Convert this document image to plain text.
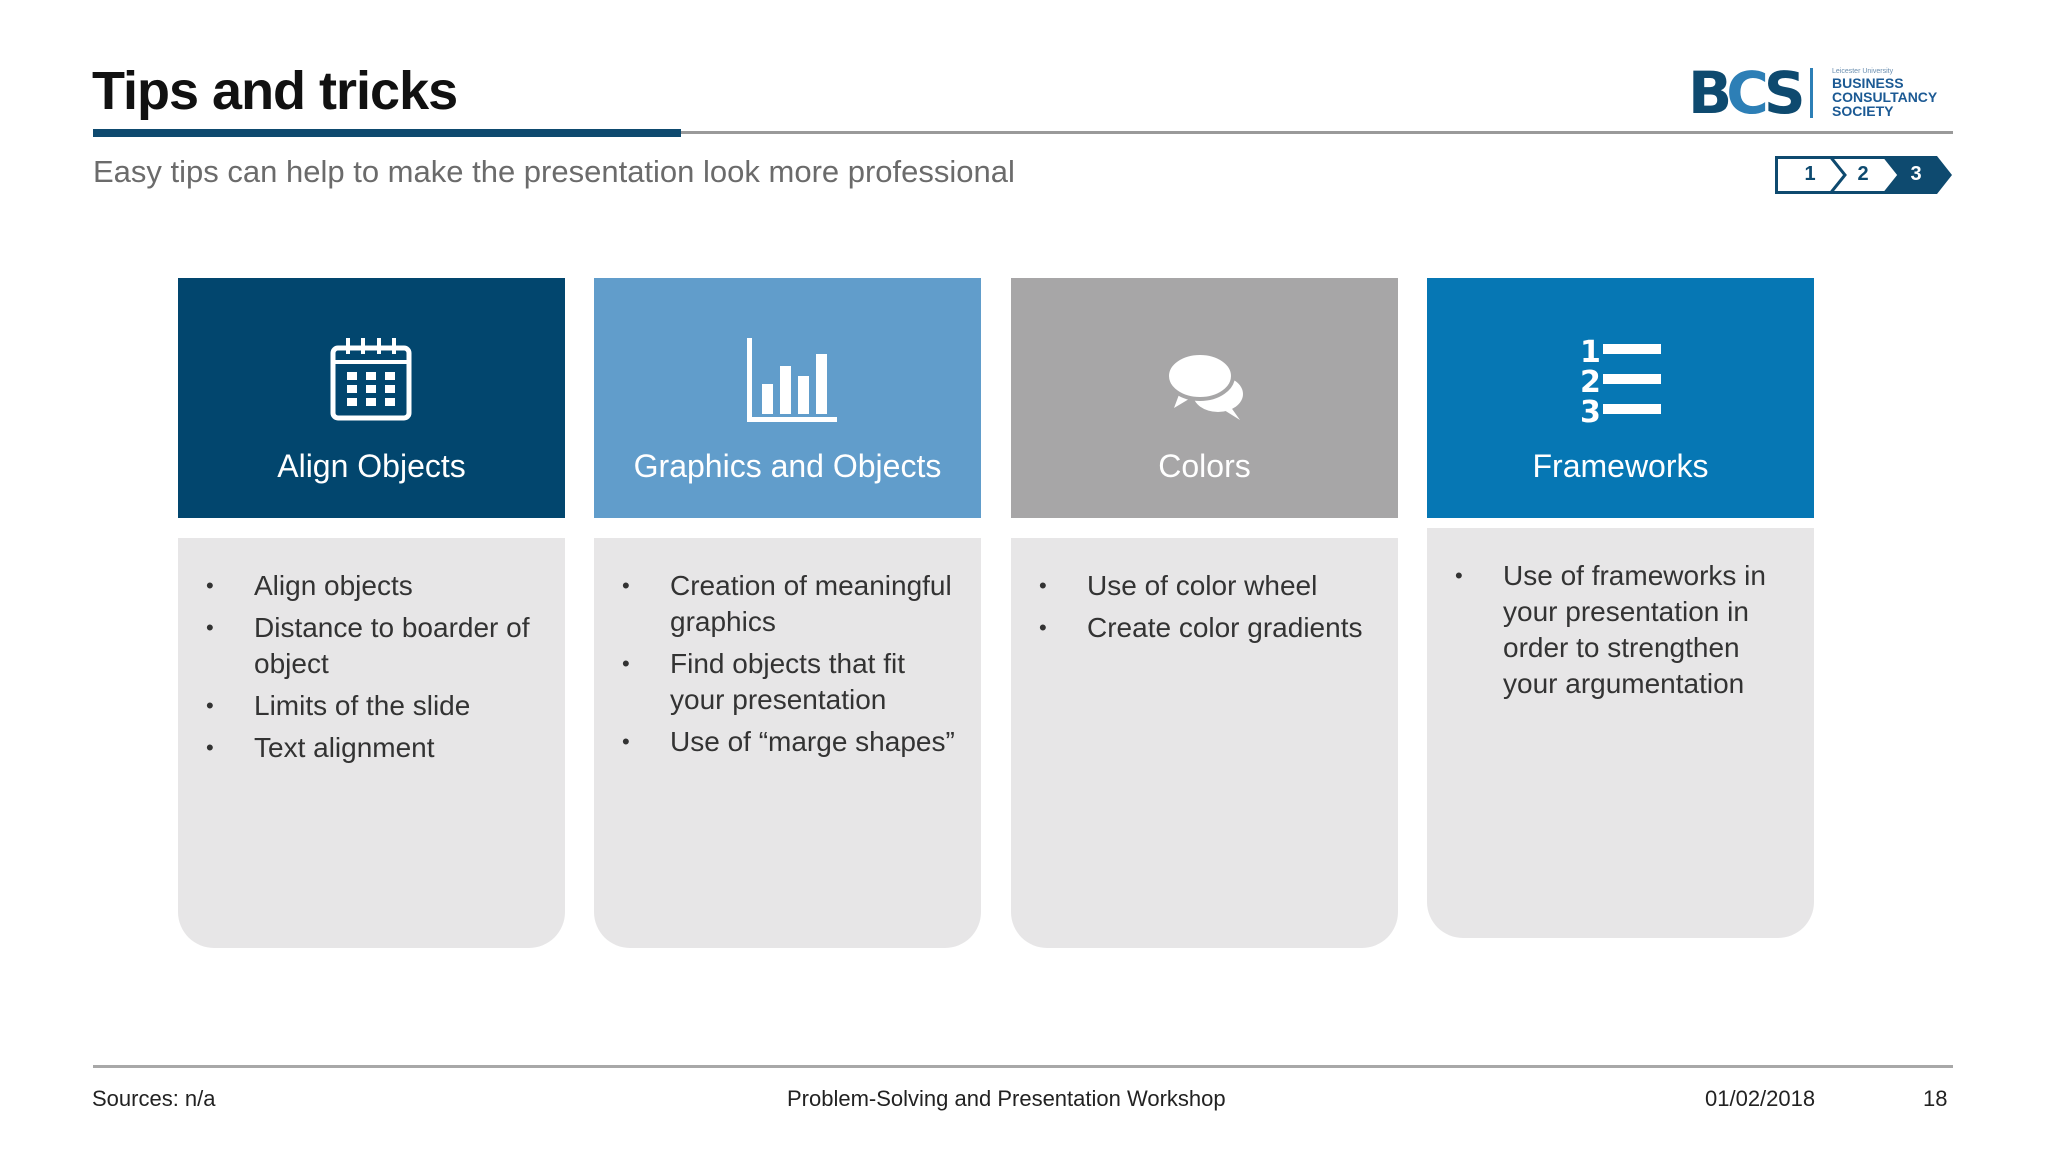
Tips and tricks
Easy tips can help to make the presentation look more professional
BCS	Leicester University
BUSINESS
CONSULTANCY
SOCIETY
1	2	3
Align Objects
• Align objects
• Distance to boarder of object
• Limits of the slide
• Text alignment
Graphics and Objects
• Creation of meaningful graphics
• Find objects that fit your presentation
• Use of “marge shapes”
Colors
• Use of color wheel
• Create color gradients
1
2
3
Frameworks
• Use of frameworks in your presentation in order to strengthen your argumentation
Sources: n/a	Problem-Solving and Presentation Workshop	01/02/2018	18
